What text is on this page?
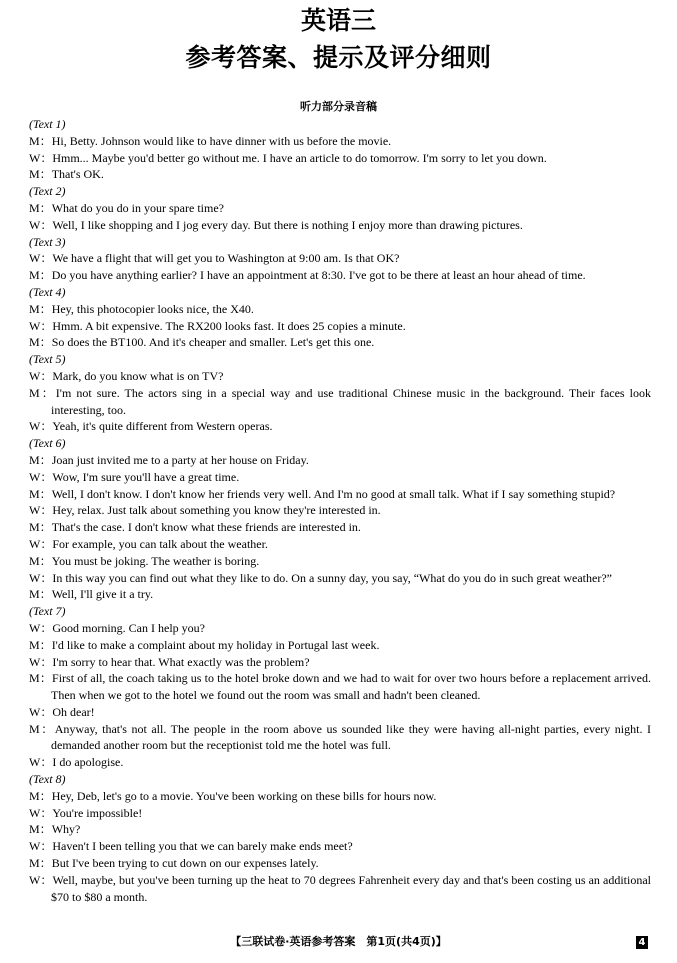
英语三
参考答案、提示及评分细则
听力部分录音稿
(Text 1)
M：Hi, Betty. Johnson would like to have dinner with us before the movie.
W：Hmm... Maybe you'd better go without me. I have an article to do tomorrow. I'm sorry to let you down.
M：That's OK.
(Text 2)
M：What do you do in your spare time?
W：Well, I like shopping and I jog every day. But there is nothing I enjoy more than drawing pictures.
(Text 3)
W：We have a flight that will get you to Washington at 9:00 am. Is that OK?
M：Do you have anything earlier? I have an appointment at 8:30. I've got to be there at least an hour ahead of time.
(Text 4)
M：Hey, this photocopier looks nice, the X40.
W：Hmm. A bit expensive. The RX200 looks fast. It does 25 copies a minute.
M：So does the BT100. And it's cheaper and smaller. Let's get this one.
(Text 5)
W：Mark, do you know what is on TV?
M：I'm not sure. The actors sing in a special way and use traditional Chinese music in the background. Their faces look interesting, too.
W：Yeah, it's quite different from Western operas.
(Text 6)
M：Joan just invited me to a party at her house on Friday.
W：Wow, I'm sure you'll have a great time.
M：Well, I don't know. I don't know her friends very well. And I'm no good at small talk. What if I say something stupid?
W：Hey, relax. Just talk about something you know they're interested in.
M：That's the case. I don't know what these friends are interested in.
W：For example, you can talk about the weather.
M：You must be joking. The weather is boring.
W：In this way you can find out what they like to do. On a sunny day, you say, “What do you do in such great weather?”
M：Well, I'll give it a try.
(Text 7)
W：Good morning. Can I help you?
M：I'd like to make a complaint about my holiday in Portugal last week.
W：I'm sorry to hear that. What exactly was the problem?
M：First of all, the coach taking us to the hotel broke down and we had to wait for over two hours before a replacement arrived. Then when we got to the hotel we found out the room was small and hadn't been cleaned.
W：Oh dear!
M：Anyway, that's not all. The people in the room above us sounded like they were having all-night parties, every night. I demanded another room but the receptionist told me the hotel was full.
W：I do apologise.
(Text 8)
M：Hey, Deb, let's go to a movie. You've been working on these bills for hours now.
W：You're impossible!
M：Why?
W：Haven't I been telling you that we can barely make ends meet?
M：But I've been trying to cut down on our expenses lately.
W：Well, maybe, but you've been turning up the heat to 70 degrees Fahrenheit every day and that's been costing us an additional $70 to $80 a month.
【三联试卷·英语参考答案　第1页(共4页)】	4
